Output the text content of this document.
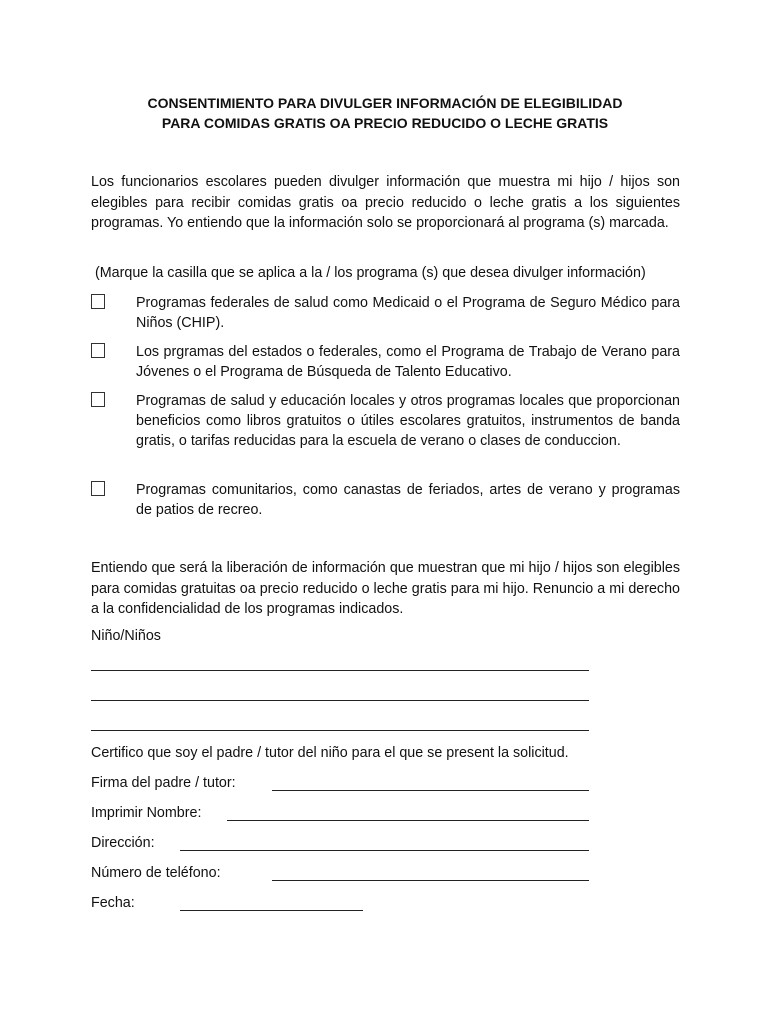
CONSENTIMIENTO PARA DIVULGER INFORMACIÓN DE ELEGIBILIDAD
PARA COMIDAS GRATIS OA PRECIO REDUCIDO O LECHE GRATIS
Los funcionarios escolares pueden divulger información que muestra mi hijo / hijos son elegibles para recibir comidas gratis oa precio reducido o leche gratis a los siguientes programas. Yo entiendo que la información solo se proporcionará al programa (s) marcada.
(Marque la casilla que se aplica a la / los programa (s) que desea divulger información)
Programas federales de salud como Medicaid o el Programa de Seguro Médico para Niños (CHIP).
Los prgramas del estados o federales, como el Programa de Trabajo de Verano para Jóvenes o el Programa de Búsqueda de Talento Educativo.
Programas de salud y educación locales y otros programas locales que proporcionan beneficios como libros gratuitos o útiles escolares gratuitos, instrumentos de banda gratis, o tarifas reducidas para la escuela de verano o clases de conduccion.
Programas comunitarios, como canastas de feriados, artes de verano y programas de patios de recreo.
Entiendo que será la liberación de información que muestran que mi hijo / hijos son elegibles para comidas gratuitas oa precio reducido o leche gratis para mi hijo. Renuncio a mi derecho a la confidencialidad de los programas indicados.
Niño/Niños
Certifico que soy el padre / tutor del niño para el que se present la solicitud.
Firma del padre / tutor:
Imprimir Nombre:
Dirección:
Número de teléfono:
Fecha:
